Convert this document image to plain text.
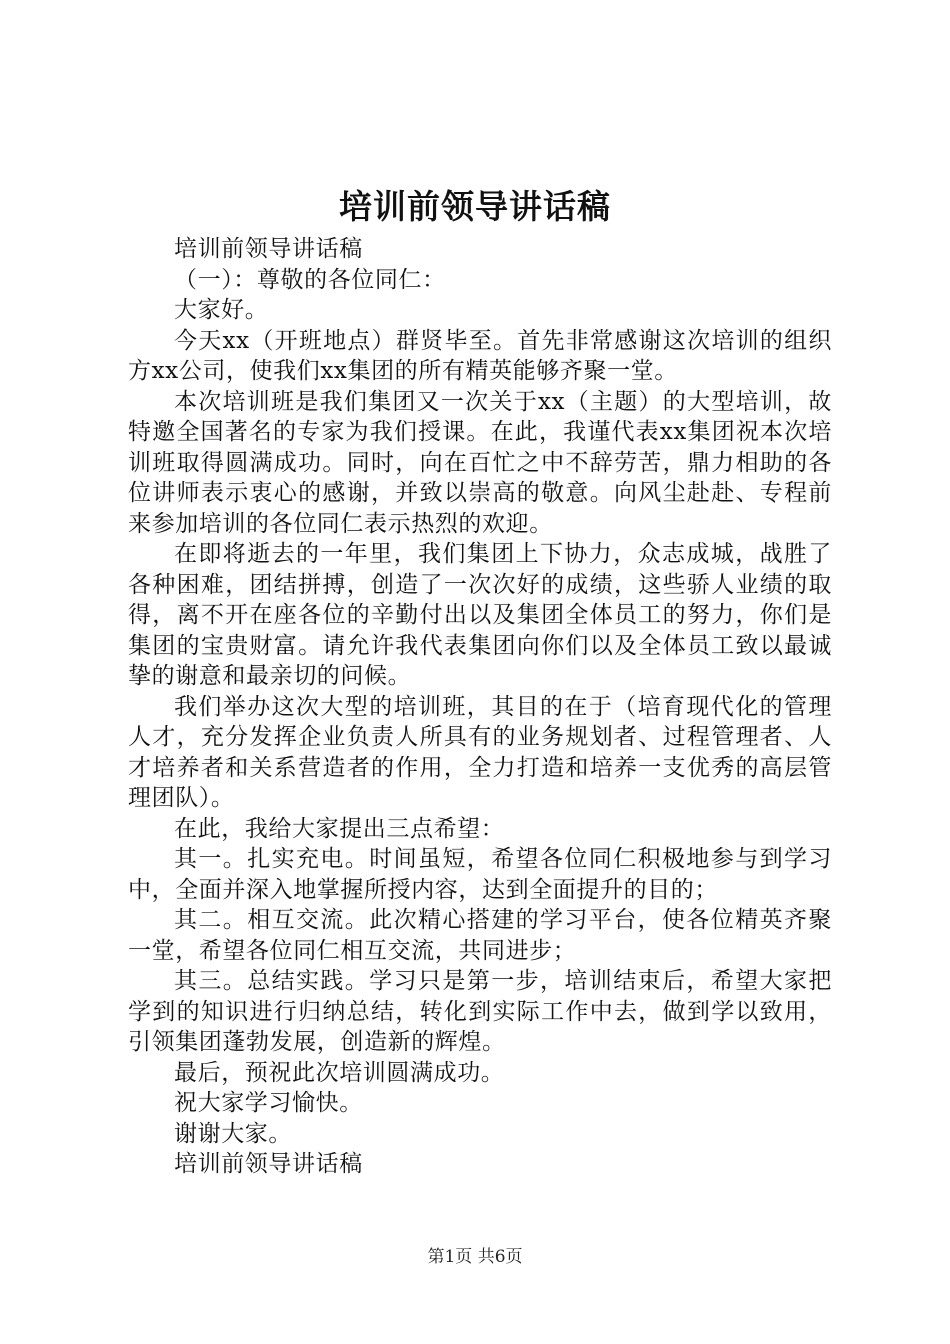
培训前领导讲话稿

培训前领导讲话稿

（一）：尊敬的各位同仁：

大家好。

今天xx（开班地点）群贤毕至。首先非常感谢这次培训的组织方xx公司，使我们xx集团的所有精英能够齐聚一堂。

本次培训班是我们集团又一次关于xx（主题）的大型培训，故特邀全国著名的专家为我们授课。在此，我谨代表xx集团祝本次培训班取得圆满成功。同时，向在百忙之中不辞劳苦，鼎力相助的各位讲师表示衷心的感谢，并致以崇高的敬意。向风尘赴赴、专程前来参加培训的各位同仁表示热烈的欢迎。

在即将逝去的一年里，我们集团上下协力，众志成城，战胜了各种困难，团结拼搏，创造了一次次好的成绩，这些骄人业绩的取得，离不开在座各位的辛勤付出以及集团全体员工的努力，你们是集团的宝贵财富。请允许我代表集团向你们以及全体员工致以最诚挚的谢意和最亲切的问候。

我们举办这次大型的培训班，其目的在于（培育现代化的管理人才，充分发挥企业负责人所具有的业务规划者、过程管理者、人才培养者和关系营造者的作用，全力打造和培养一支优秀的高层管理团队）。

在此，我给大家提出三点希望：

其一。扎实充电。时间虽短，希望各位同仁积极地参与到学习中，全面并深入地掌握所授内容，达到全面提升的目的；

其二。相互交流。此次精心搭建的学习平台，使各位精英齐聚一堂，希望各位同仁相互交流，共同进步；

其三。总结实践。学习只是第一步，培训结束后，希望大家把学到的知识进行归纳总结，转化到实际工作中去，做到学以致用，引领集团蓬勃发展，创造新的辉煌。

最后，预祝此次培训圆满成功。

祝大家学习愉快。

谢谢大家。

培训前领导讲话稿

第1页 共6页
